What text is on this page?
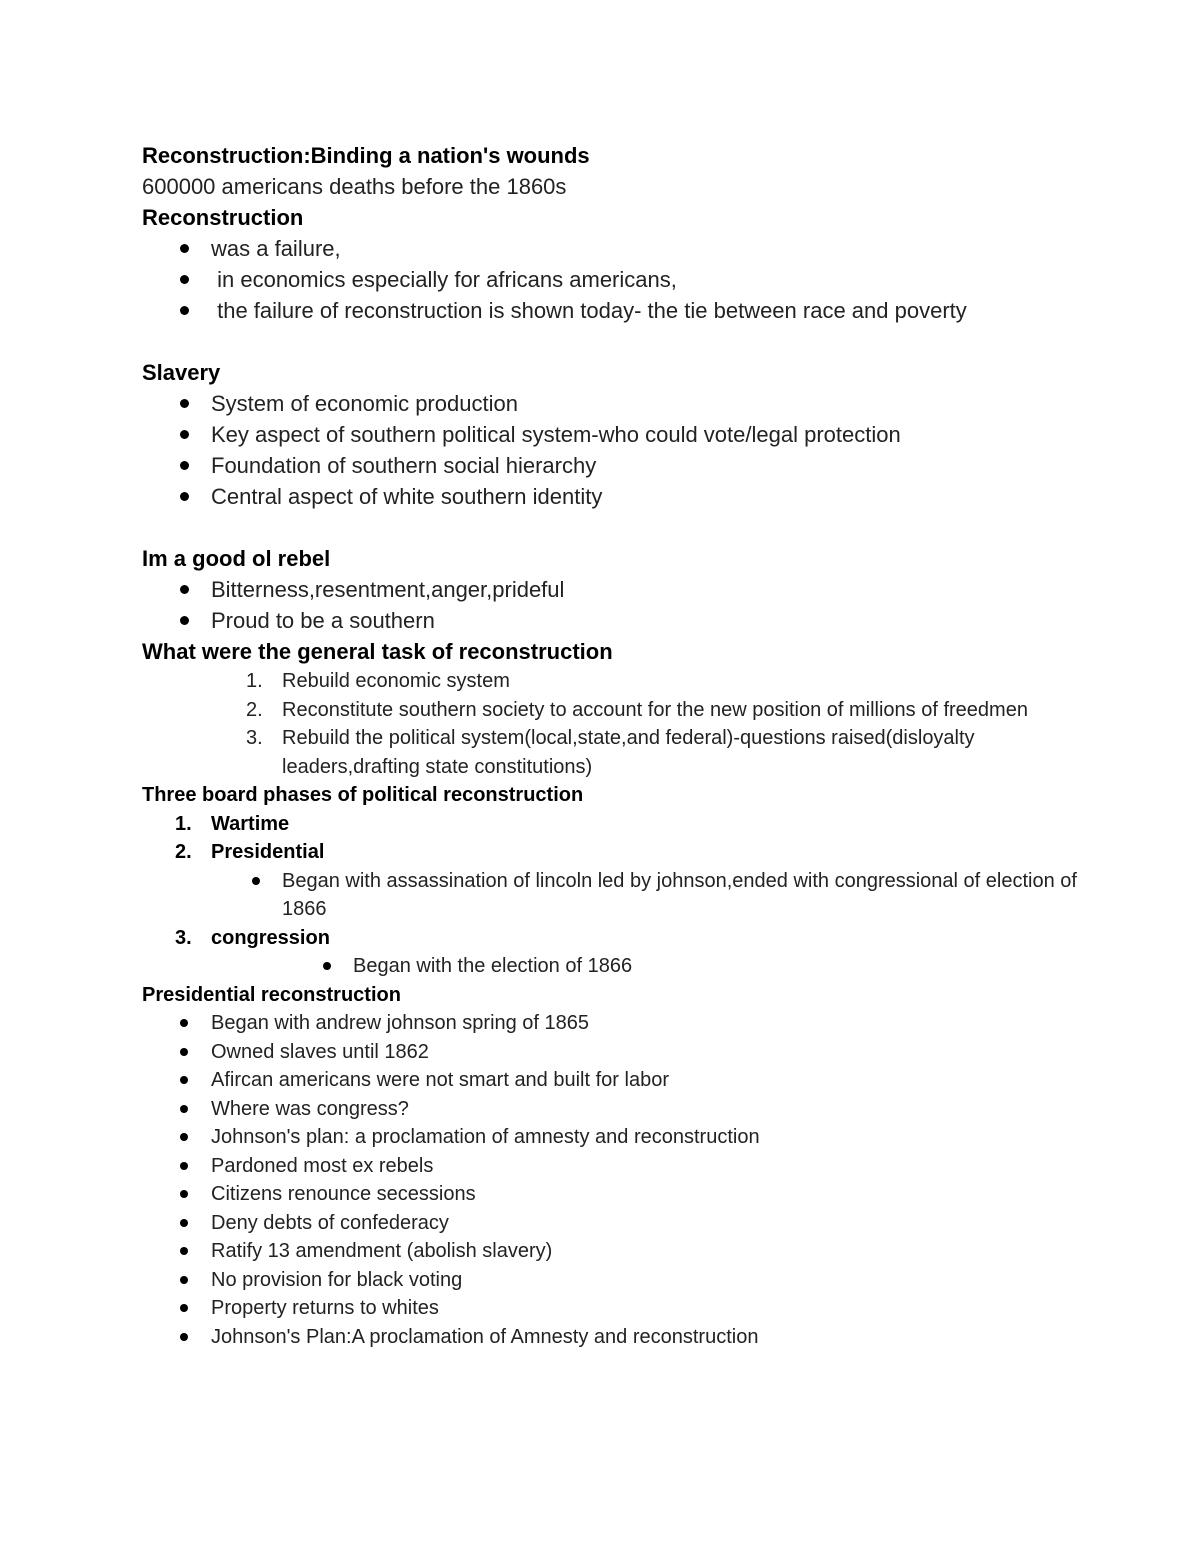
Reconstruction:Binding a nation's wounds

600000 americans deaths before the 1860s

Reconstruction

was a failure,
in economics especially for africans americans,
the failure of reconstruction is shown today- the tie between race and poverty

Slavery

System of economic production
Key aspect of southern political system-who could vote/legal protection
Foundation of southern social hierarchy
Central aspect of white southern identity

Im a good ol rebel

Bitterness,resentment,anger,prideful
Proud to be a southern

What were the general task of reconstruction

1. Rebuild economic system
2. Reconstitute southern society to account for the new position of millions of freedmen
3. Rebuild the political system(local,state,and federal)-questions raised(disloyalty leaders,drafting state constitutions)

Three board phases of political reconstruction

1. Wartime
2. Presidential
Began with assassination of lincoln led by johnson,ended with congressional of election of 1866
3. congression
Began with the election of 1866

Presidential reconstruction

Began with andrew johnson spring of 1865
Owned slaves until 1862
Afircan americans were not smart and built for labor
Where was congress?
Johnson's plan: a proclamation of amnesty and reconstruction
Pardoned most ex rebels
Citizens renounce secessions
Deny debts of confederacy
Ratify 13 amendment (abolish slavery)
No provision for black voting
Property returns to whites
Johnson's Plan:A proclamation of Amnesty and reconstruction
